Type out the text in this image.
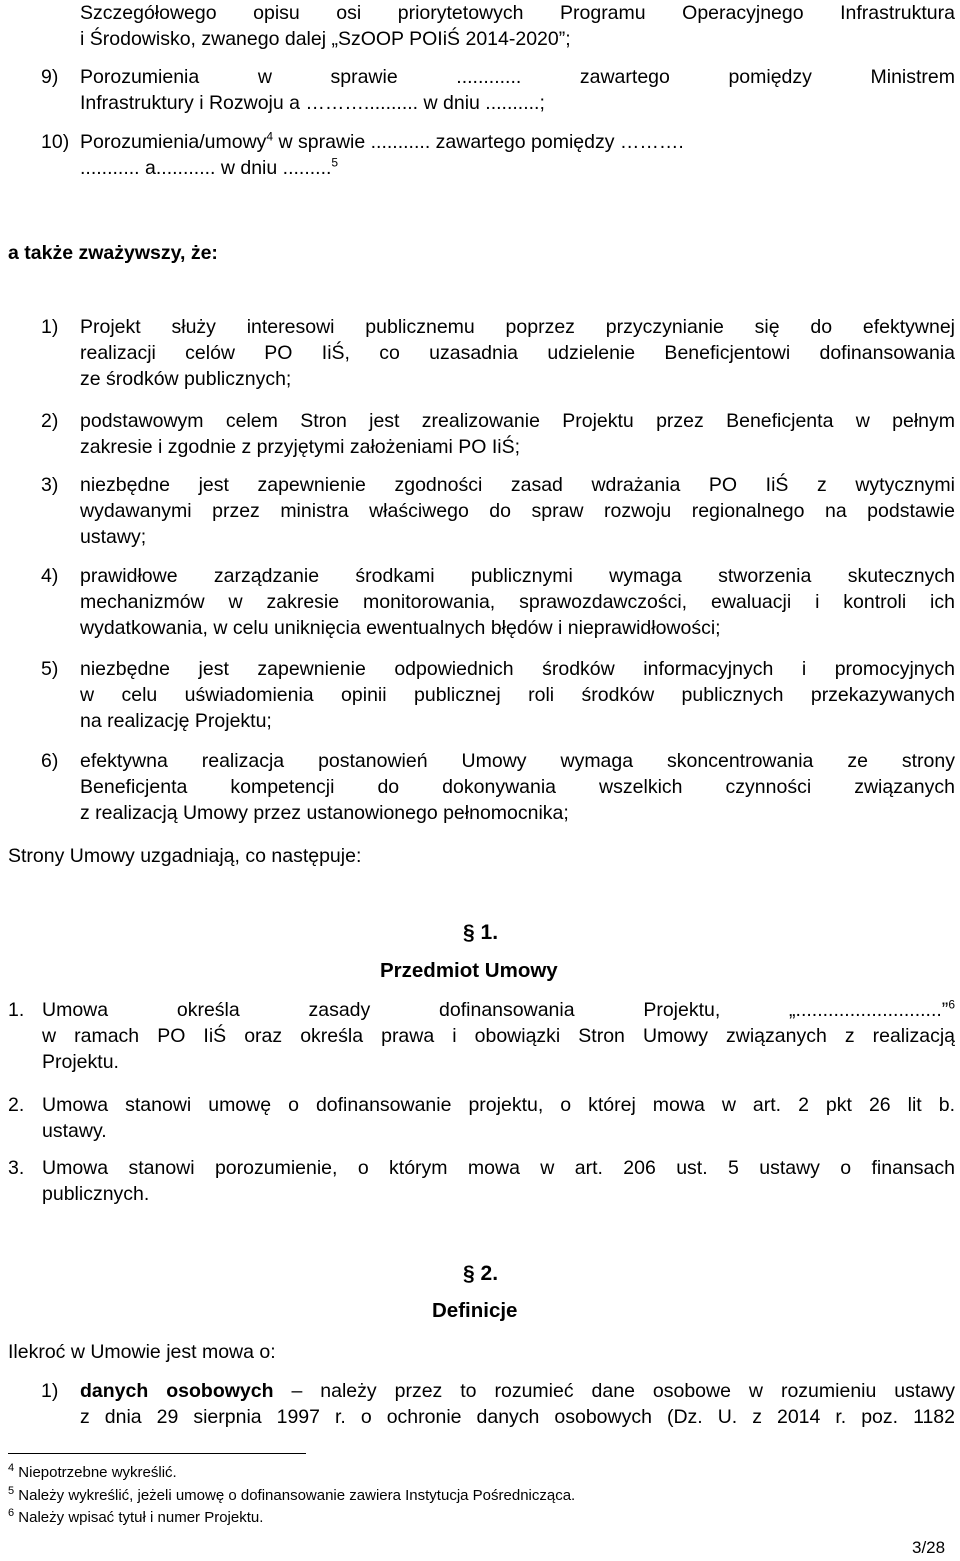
Szczegółowego opisu osi priorytetowych Programu Operacyjnego Infrastruktura
i Środowisko, zwanego dalej „SzOOP POIiŚ 2014-2020”;
9) Porozumienia w sprawie ............ zawartego pomiędzy Ministrem
Infrastruktury i Rozwoju a ……….......... w dniu ..........;
10) Porozumienia/umowy$^4$ w sprawie ........... zawartego pomiędzy ……….
........... a........... w dniu .........$^5$
a także zważywszy, że:
1) Projekt służy interesowi publicznemu poprzez przyczynianie się do efektywnej
realizacji celów PO IiŚ, co uzasadnia udzielenie Beneficjentowi dofinansowania
ze środków publicznych;
2) podstawowym celem Stron jest zrealizowanie Projektu przez Beneficjenta w pełnym
zakresie i zgodnie z przyjętymi założeniami PO IiŚ;
3) niezbędne jest zapewnienie zgodności zasad wdrażania PO IiŚ z wytycznymi
wydawanymi przez ministra właściwego do spraw rozwoju regionalnego na podstawie
ustawy;
4) prawidłowe zarządzanie środkami publicznymi wymaga stworzenia skutecznych
mechanizmów w zakresie monitorowania, sprawozdawczości, ewaluacji i kontroli ich
wydatkowania, w celu uniknięcia ewentualnych błędów i nieprawidłowości;
5) niezbędne jest zapewnienie odpowiednich środków informacyjnych i promocyjnych
w celu uświadomienia opinii publicznej roli środków publicznych przekazywanych
na realizację Projektu;
6) efektywna realizacja postanowień Umowy wymaga skoncentrowania ze strony
Beneficjenta kompetencji do dokonywania wszelkich czynności związanych
z realizacją Umowy przez ustanowionego pełnomocnika;
Strony Umowy uzgadniają, co następuje:
§ 1.
Przedmiot Umowy
1. Umowa określa zasady dofinansowania Projektu, „...........................”$^6$
w ramach PO IiŚ oraz określa prawa i obowiązki Stron Umowy związanych z realizacją
Projektu.
2. Umowa stanowi umowę o dofinansowanie projektu, o której mowa w art. 2 pkt 26 lit b.
ustawy.
3. Umowa stanowi porozumienie, o którym mowa w art. 206 ust. 5 ustawy o finansach
publicznych.
§ 2.
Definicje
Ilekroć w Umowie jest mowa o:
1) danych osobowych – należy przez to rozumieć dane osobowe w rozumieniu ustawy
z dnia 29 sierpnia 1997 r. o ochronie danych osobowych (Dz. U. z 2014 r. poz. 1182
$^4$ Niepotrzebne wykreślić.
$^5$ Należy wykreślić, jeżeli umowę o dofinansowanie zawiera Instytucja Pośrednicząca.
$^6$ Należy wpisać tytuł i numer Projektu.
3/28
